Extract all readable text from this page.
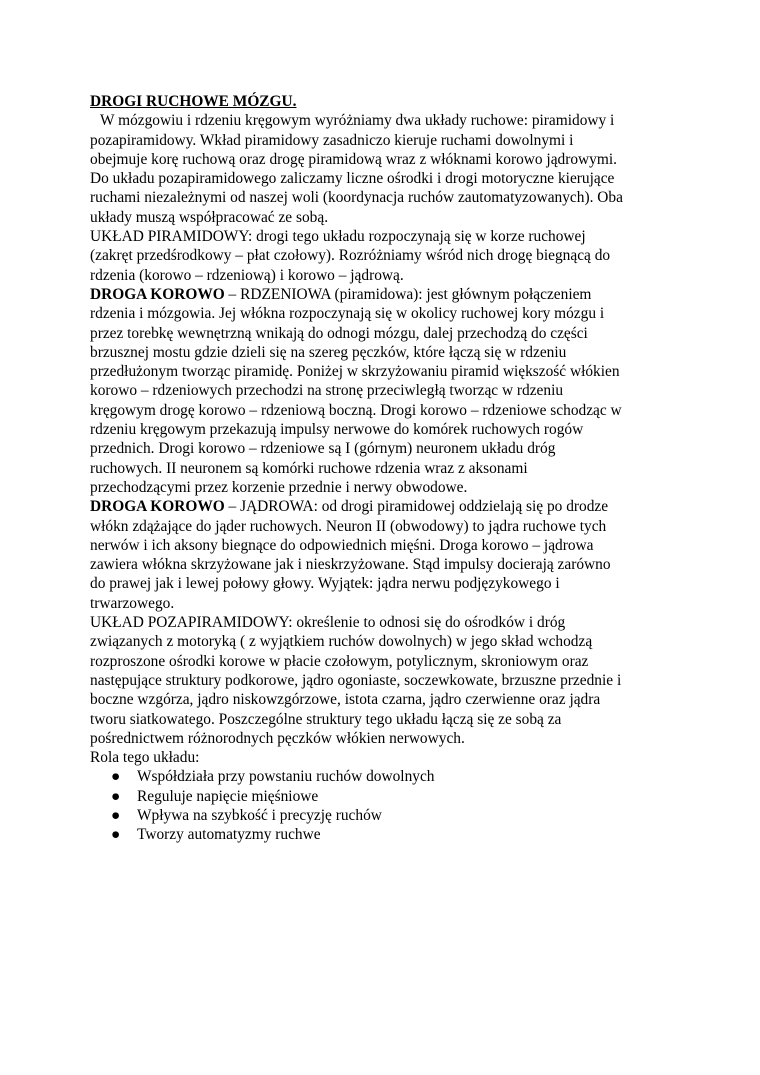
DROGI RUCHOWE MÓZGU.
W mózgowiu i rdzeniu kręgowym wyróżniamy dwa układy ruchowe: piramidowy i
pozapiramidowy. Wkład piramidowy zasadniczo kieruje ruchami dowolnymi i
obejmuje korę ruchową oraz drogę piramidową wraz z włóknami korowo jądrowymi.
Do układu pozapiramidowego zaliczamy liczne ośrodki i drogi motoryczne kierujące
ruchami niezależnymi od naszej woli (koordynacja ruchów zautomatyzowanych). Oba
układy muszą współpracować ze sobą.
UKŁAD PIRAMIDOWY: drogi tego układu rozpoczynają się w korze ruchowej
(zakręt przedśrodkowy – płat czołowy). Rozróżniamy wśród nich drogę biegnącą do
rdzenia (korowo – rdzeniową) i korowo – jądrową.
DROGA KOROWO – RDZENIOWA (piramidowa): jest głównym połączeniem
rdzenia i mózgowia. Jej włókna rozpoczynają się w okolicy ruchowej kory mózgu i
przez torebkę wewnętrzną wnikają do odnogi mózgu, dalej przechodzą do części
brzusznej mostu gdzie dzieli się na szereg pęczków, które łączą się w rdzeniu
przedłużonym tworząc piramidę. Poniżej w skrzyżowaniu piramid większość włókien
korowo – rdzeniowych przechodzi na stronę przeciwległą tworząc w rdzeniu
kręgowym drogę korowo – rdzeniową boczną. Drogi korowo – rdzeniowe schodząc w
rdzeniu kręgowym przekazują impulsy nerwowe do komórek ruchowych rogów
przednich. Drogi korowo – rdzeniowe są I (górnym) neuronem układu dróg
ruchowych. II neuronem są komórki ruchowe rdzenia wraz z aksonami
przechodzącymi przez korzenie przednie i nerwy obwodowe.
DROGA KOROWO – JĄDROWA: od drogi piramidowej oddzielają się po drodze
włókn zdążające do jąder ruchowych. Neuron II (obwodowy) to jądra ruchowe tych
nerwów i ich aksony biegnące do odpowiednich mięśni. Droga korowo – jądrowa
zawiera włókna skrzyżowane jak i nieskrzyżowane. Stąd impulsy docierają zarówno
do prawej jak i lewej połowy głowy. Wyjątek: jądra nerwu podjęzykowego i
trwarzowego.
UKŁAD POZAPIRAMIDOWY: określenie to odnosi się do ośrodków i dróg
związanych z motoryką ( z wyjątkiem ruchów dowolnych) w jego skład wchodzą
rozproszone ośrodki korowe w płacie czołowym, potylicznym, skroniowym oraz
następujące struktury podkorowe, jądro ogoniaste, soczewkowate, brzuszne przednie i
boczne wzgórza, jądro niskowzgórzowe, istota czarna, jądro czerwienne oraz jądra
tworu siatkowatego. Poszczególne struktury tego układu łączą się ze sobą za
pośrednictwem różnorodnych pęczków włókien nerwowych.
Rola tego układu:
● Współdziała przy powstaniu ruchów dowolnych
● Reguluje napięcie mięśniowe
● Wpływa na szybkość i precyzję ruchów
● Tworzy automatyzmy ruchwe
